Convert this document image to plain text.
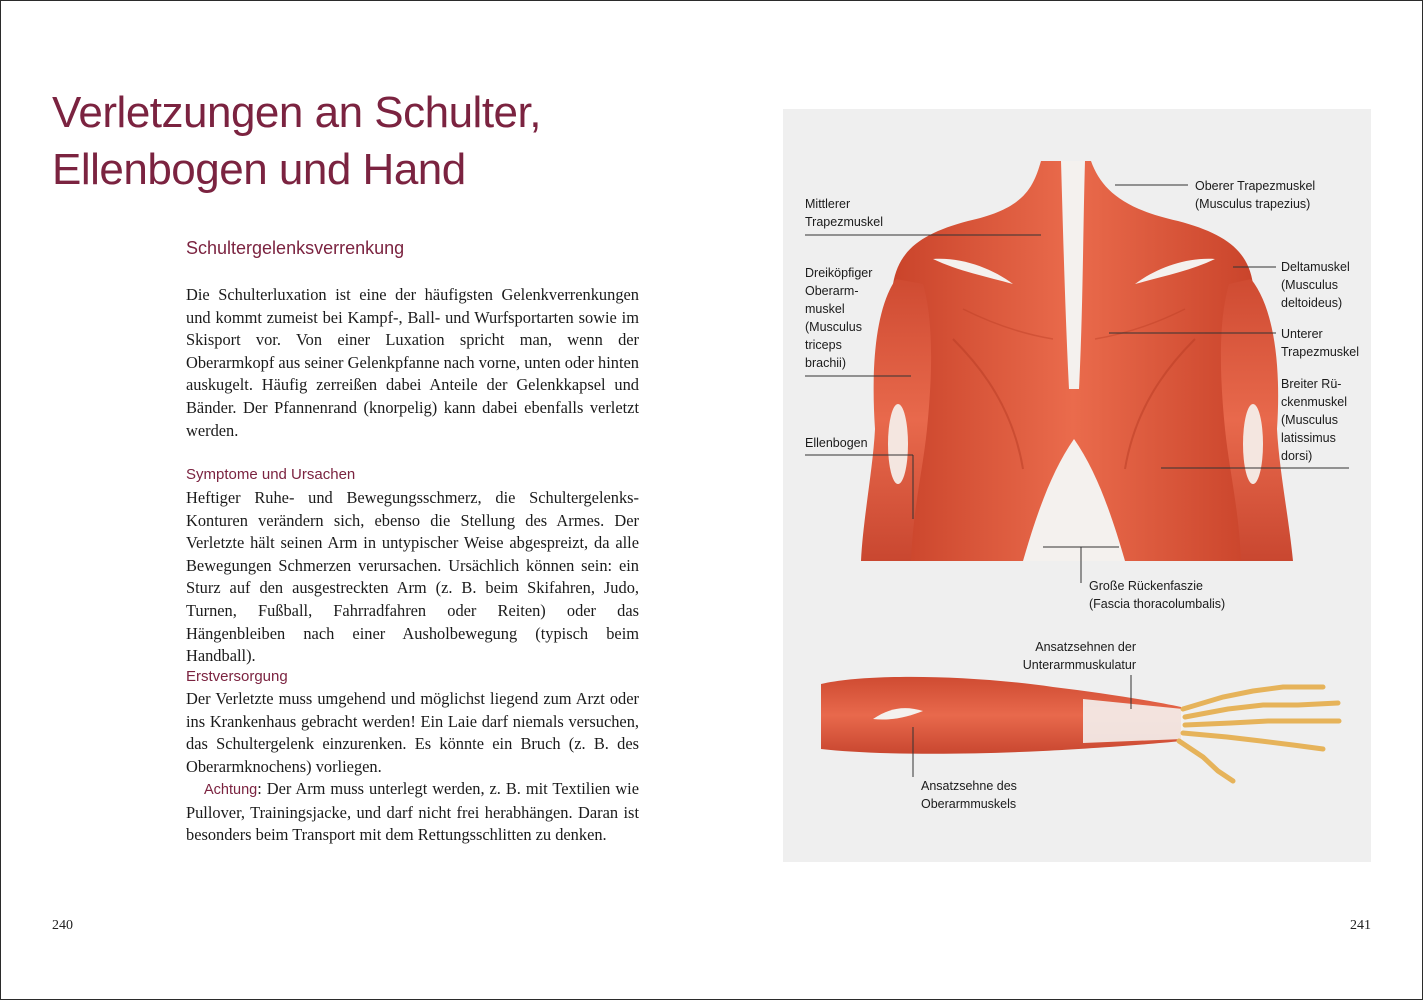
Verletzungen an Schulter,
Ellenbogen und Hand
Schultergelenksverrenkung

Die Schulterluxation ist eine der häufigsten Gelenkverrenkungen und kommt zumeist bei Kampf-, Ball- und Wurfsportarten sowie im Skisport vor. Von einer Luxation spricht man, wenn der Oberarmkopf aus seiner Gelenkpfanne nach vorne, unten oder hinten auskugelt. Häufig zerreißen dabei Anteile der Gelenkkapsel und Bänder. Der Pfannenrand (knorpelig) kann dabei ebenfalls verletzt werden.

Symptome und Ursachen

Heftiger Ruhe- und Bewegungsschmerz, die Schultergelenks-Konturen verändern sich, ebenso die Stellung des Armes. Der Verletzte hält seinen Arm in untypischer Weise abgespreizt, da alle Bewegungen Schmerzen verursachen. Ursächlich können sein: ein Sturz auf den ausgestreckten Arm (z. B. beim Skifahren, Judo, Turnen, Fußball, Fahrradfahren oder Reiten) oder das Hängenbleiben nach einer Ausholbewegung (typisch beim Handball).

Erstversorgung

Der Verletzte muss umgehend und möglichst liegend zum Arzt oder ins Krankenhaus gebracht werden! Ein Laie darf niemals versuchen, das Schultergelenk einzurenken. Es könnte ein Bruch (z. B. des Oberarmknochens) vorliegen.

Achtung: Der Arm muss unterlegt werden, z. B. mit Textilien wie Pullover, Trainingsjacke, und darf nicht frei herabhängen. Daran ist besonders beim Transport mit dem Rettungsschlitten zu denken.

240	241
Mittlerer
Trapezmuskel
Dreiköpfiger
Oberarm-
muskel
(Musculus
triceps
brachii)
Ellenbogen
Oberer Trapezmuskel
(Musculus trapezius)
Deltamuskel
(Musculus
deltoideus)
Unterer
Trapezmuskel
Breiter Rü-
ckenmuskel
(Musculus
latissimus
dorsi)
Große Rückenfaszie
(Fascia thoracolumbalis)
Ansatzsehnen der
Unterarmmuskulatur
Ansatzsehne des
Oberarmmuskels
